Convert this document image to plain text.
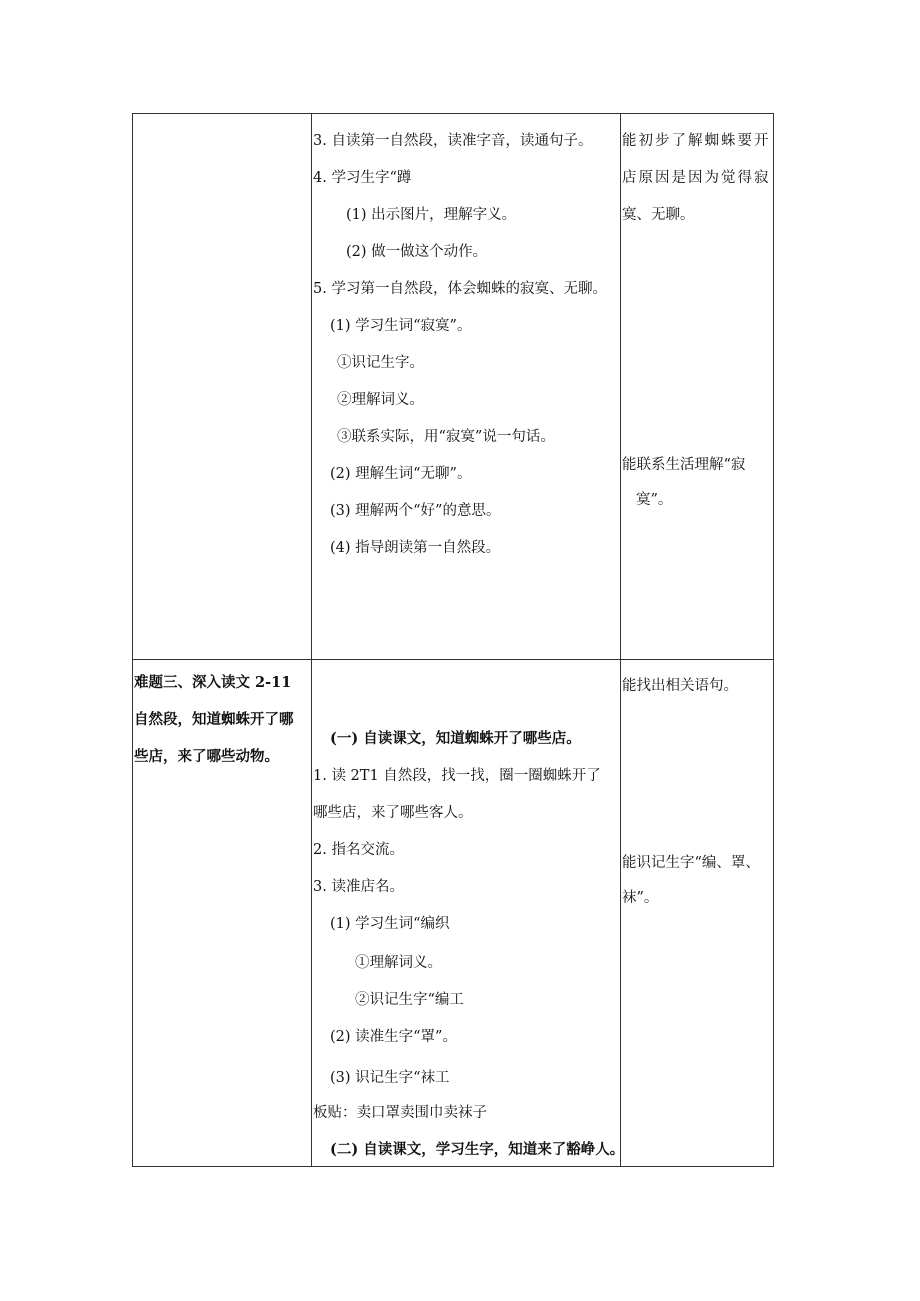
3. 自读第一自然段，读准字音，读通句子。
4. 学习生字“蹲
(1) 出示图片，理解字义。
(2) 做一做这个动作。
5. 学习第一自然段，体会蜘蛛的寂寞、无聊。
(1) 学习生词“寂寞”。
①识记生字。
②理解词义。
③联系实际，用“寂寞”说一句话。
(2) 理解生词“无聊”。
(3) 理解两个“好”的意思。
(4) 指导朗读第一自然段。
能初步了解蜘蛛要开
店原因是因为觉得寂
寞、无聊。
能联系生活理解“寂
寞”。
难题三、深入读文 2-11
自然段，知道蜘蛛开了哪
些店，来了哪些动物。
(一) 自读课文，知道蜘蛛开了哪些店。
1. 读 2T1 自然段，找一找，圈一圈蜘蛛开了
哪些店，来了哪些客人。
2. 指名交流。
3. 读准店名。
(1) 学习生词“编织
①理解词义。
②识记生字“编工
(2) 读准生字“罩”。
(3) 识记生字“袜工
板贴：卖口罩卖围巾卖袜子
(二) 自读课文，学习生字，知道来了豁峥人。
能找出相关语句。
能识记生字“编、罩、
袜”。
